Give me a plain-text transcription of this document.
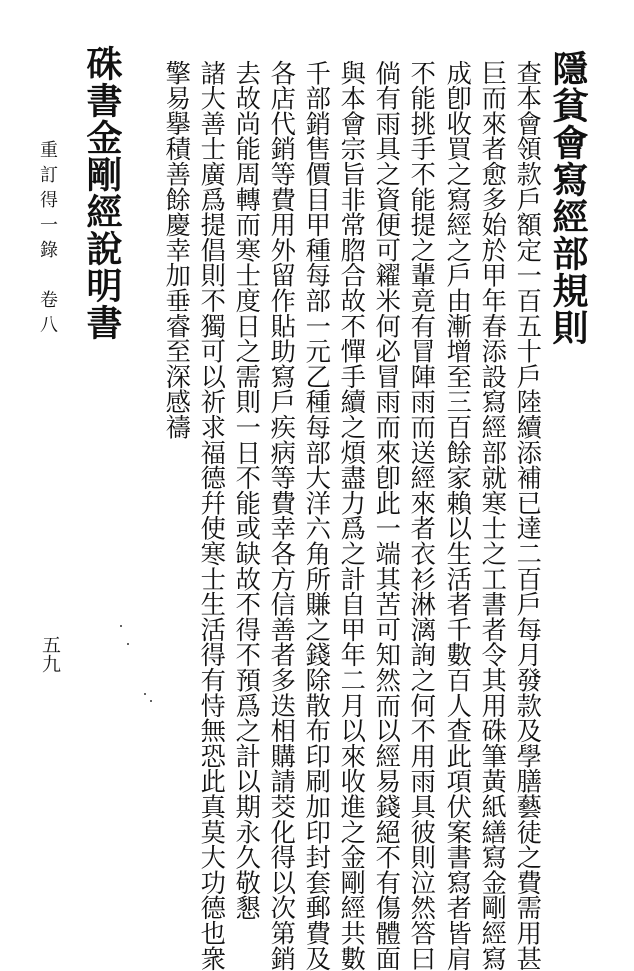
隱貧會寫經部規則
查本會領款戶額定一百五十戶陸續添補已達二百戶每月發款及學膳藝徒之費需用甚
巨而來者愈多始於甲年春添設寫經部就寒士之工書者令其用硃筆黃紙繕寫金剛經寫
成卽收買之寫經之戶由漸增至三百餘家賴以生活者千數百人查此項伏案書寫者皆肩
不能挑手不能提之輩竟有冒陣雨而送經來者衣衫淋漓詢之何不用雨具彼則泣然答曰
倘有雨具之資便可糴米何必冒雨而來卽此一端其苦可知然而以經易錢絕不有傷體面
與本會宗旨非常脗合故不憚手續之煩盡力爲之計自甲年二月以來收進之金剛經共數
千部銷售價目甲種每部一元乙種每部大洋六角所賺之錢除散布印刷加印封套郵費及
各店代銷等費用外留作貼助寫戶疾病等費幸各方信善者多迭相購請茭化得以次第銷
去故尚能周轉而寒士度日之需則一日不能或缺故不得不預爲之計以期永久敬懇
諸大善士廣爲提倡則不獨可以祈求福德幷使寒士生活得有恃無恐此真莫大功德也衆
擎易擧積善餘慶幸加垂睿至深感禱
硃書金剛經說明書
重訂得一錄　卷八
五九
